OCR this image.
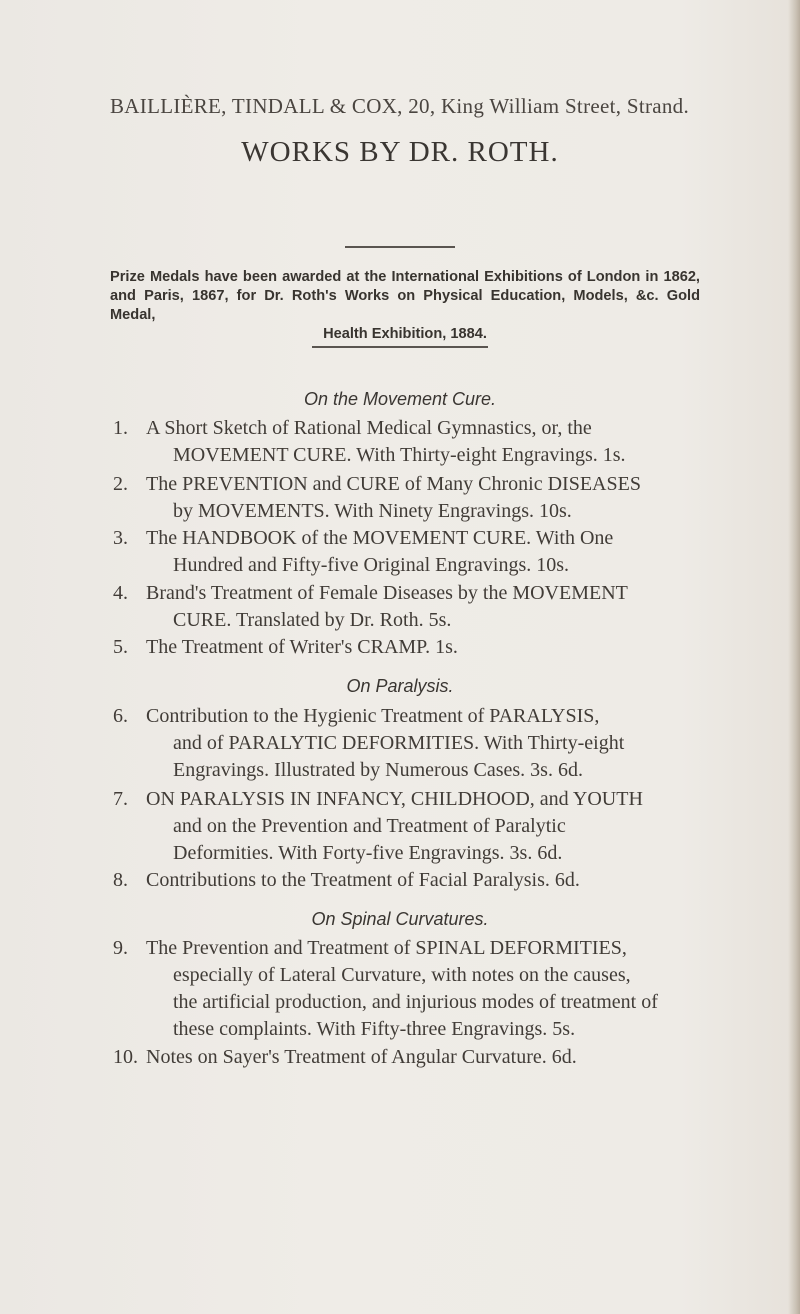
BAILLIÈRE, TINDALL & COX, 20, King William Street, Strand.
WORKS BY DR. ROTH.
Prize Medals have been awarded at the International Exhibitions of London in 1862, and Paris, 1867, for Dr. Roth's Works on Physical Education, Models, &c. Gold Medal,
Health Exhibition, 1884.
On the Movement Cure.
1. A Short Sketch of Rational Medical Gymnastics, or, the
MOVEMENT CURE. With Thirty-eight Engravings. 1s.
2. The PREVENTION and CURE of Many Chronic DISEASES
by MOVEMENTS. With Ninety Engravings. 10s.
3. The HANDBOOK of the MOVEMENT CURE. With One
Hundred and Fifty-five Original Engravings. 10s.
4. Brand's Treatment of Female Diseases by the MOVEMENT
CURE. Translated by Dr. Roth. 5s.
5. The Treatment of Writer's CRAMP. 1s.
On Paralysis.
6. Contribution to the Hygienic Treatment of PARALYSIS,
and of PARALYTIC DEFORMITIES. With Thirty-eight
Engravings. Illustrated by Numerous Cases. 3s. 6d.
7. ON PARALYSIS IN INFANCY, CHILDHOOD, and YOUTH
and on the Prevention and Treatment of Paralytic
Deformities. With Forty-five Engravings. 3s. 6d.
8. Contributions to the Treatment of Facial Paralysis. 6d.
On Spinal Curvatures.
9. The Prevention and Treatment of SPINAL DEFORMITIES,
especially of Lateral Curvature, with notes on the causes,
the artificial production, and injurious modes of treatment of
these complaints. With Fifty-three Engravings. 5s.
10. Notes on Sayer's Treatment of Angular Curvature. 6d.
